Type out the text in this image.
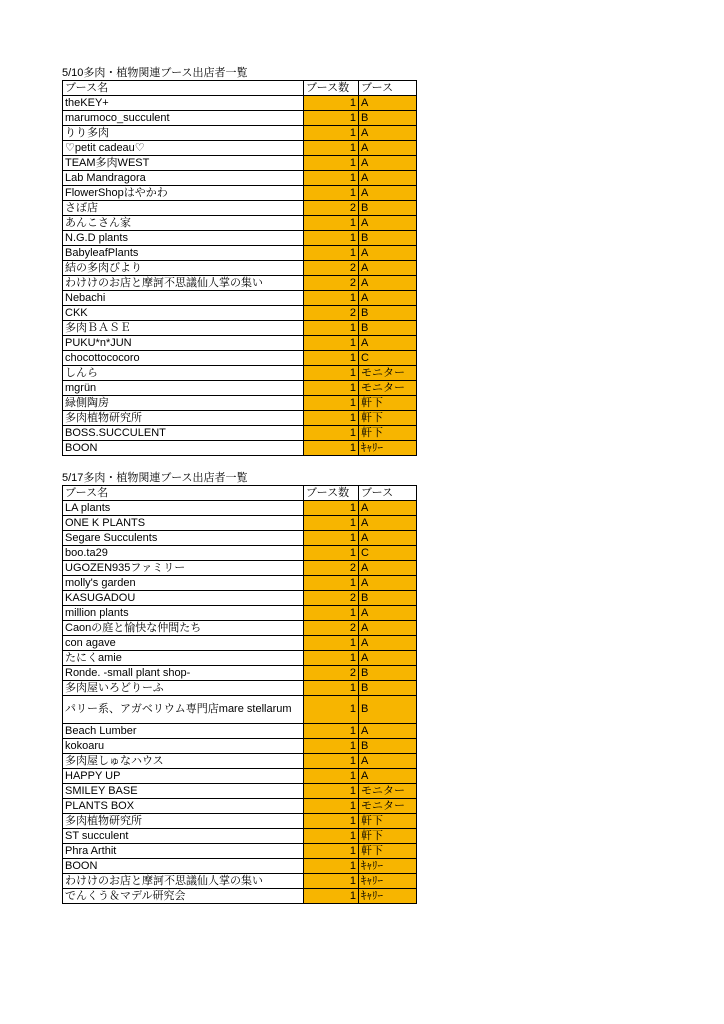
5/10多肉・植物関連ブース出店者一覧
ブース名	ブース数	ブース
theKEY+	1	A
marumoco_succulent	1	B
りり多肉	1	A
♡petit cadeau♡	1	A
TEAM多肉WEST	1	A
Lab Mandragora	1	A
FlowerShopはやかわ	1	A
さぼ店	2	B
あんこさん家	1	A
N.G.D plants	1	B
BabyleafPlants	1	A
結の多肉びより	2	A
わけけのお店と摩訶不思議仙人掌の集い	2	A
Nebachi	1	A
CKK	2	B
多肉ＢＡＳＥ	1	B
PUKU*n*JUN	1	A
chocottococoro	1	C
しんら	1	モニター
mgrün	1	モニター
緑側陶房	1	軒下
多肉植物研究所	1	軒下
BOSS.SUCCULENT	1	軒下
BOON	1	ｷｬﾘｰ
5/17多肉・植物関連ブース出店者一覧
ブース名	ブース数	ブース
LA plants	1	A
ONE K PLANTS	1	A
Segare Succulents	1	A
boo.ta29	1	C
UGOZEN935ファミリー	2	A
molly's garden	1	A
KASUGADOU	2	B
million plants	1	A
Caonの庭と愉快な仲間たち	2	A
con agave	1	A
たにくamie	1	A
Ronde. -small plant shop-	2	B
多肉屋いろどりーふ	1	B
パリー系、アガベリウム専門店mare stellarum	1	B
Beach Lumber	1	A
kokoaru	1	B
多肉屋しゅなハウス	1	A
HAPPY UP	1	A
SMILEY BASE	1	モニター
PLANTS BOX	1	モニター
多肉植物研究所	1	軒下
ST succulent	1	軒下
Phra Arthit	1	軒下
BOON	1	ｷｬﾘｰ
わけけのお店と摩訶不思議仙人掌の集い	1	ｷｬﾘｰ
でんくう＆マデル研究会	1	ｷｬﾘｰ
